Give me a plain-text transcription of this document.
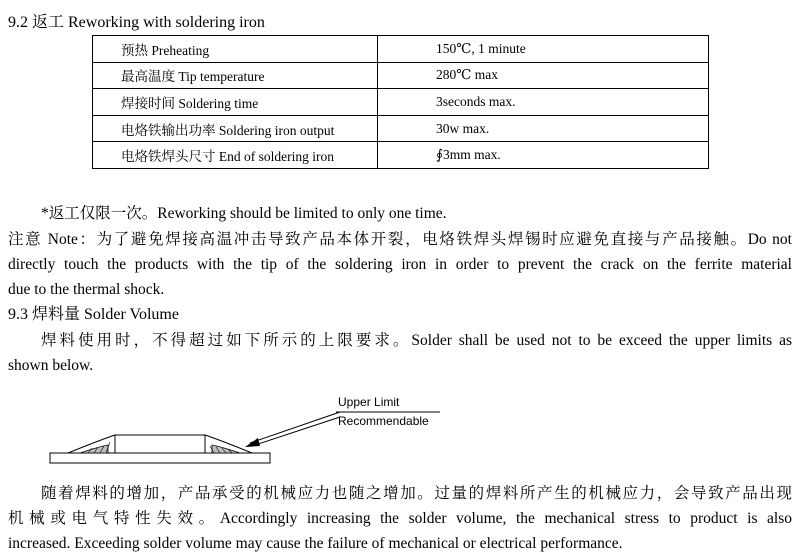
9.2 返工 Reworking with soldering iron
预热 Preheating	150℃, 1 minute
最高温度 Tip temperature	280℃ max
焊接时间 Soldering time	3seconds max.
电烙铁输出功率 Soldering iron output	30w max.
电烙铁焊头尺寸 End of soldering iron	∮3mm max.
*返工仅限一次。Reworking should be limited to only one time.
注意 Note：为了避免焊接高温冲击导致产品本体开裂，电烙铁焊头焊锡时应避免直接与产品接触。Do not
directly touch the products with the tip of the soldering iron in order to prevent the crack on the ferrite material
due to the thermal shock.
9.3 焊料量 Solder Volume
焊料使用时，不得超过如下所示的上限要求。Solder shall be used not to be exceed the upper limits as
shown below.
Upper Limit
Recommendable
随着焊料的增加，产品承受的机械应力也随之增加。过量的焊料所产生的机械应力，会导致产品出现
机械或电气特性失效。Accordingly increasing the solder volume, the mechanical stress to product is also
increased. Exceeding solder volume may cause the failure of mechanical or electrical performance.
